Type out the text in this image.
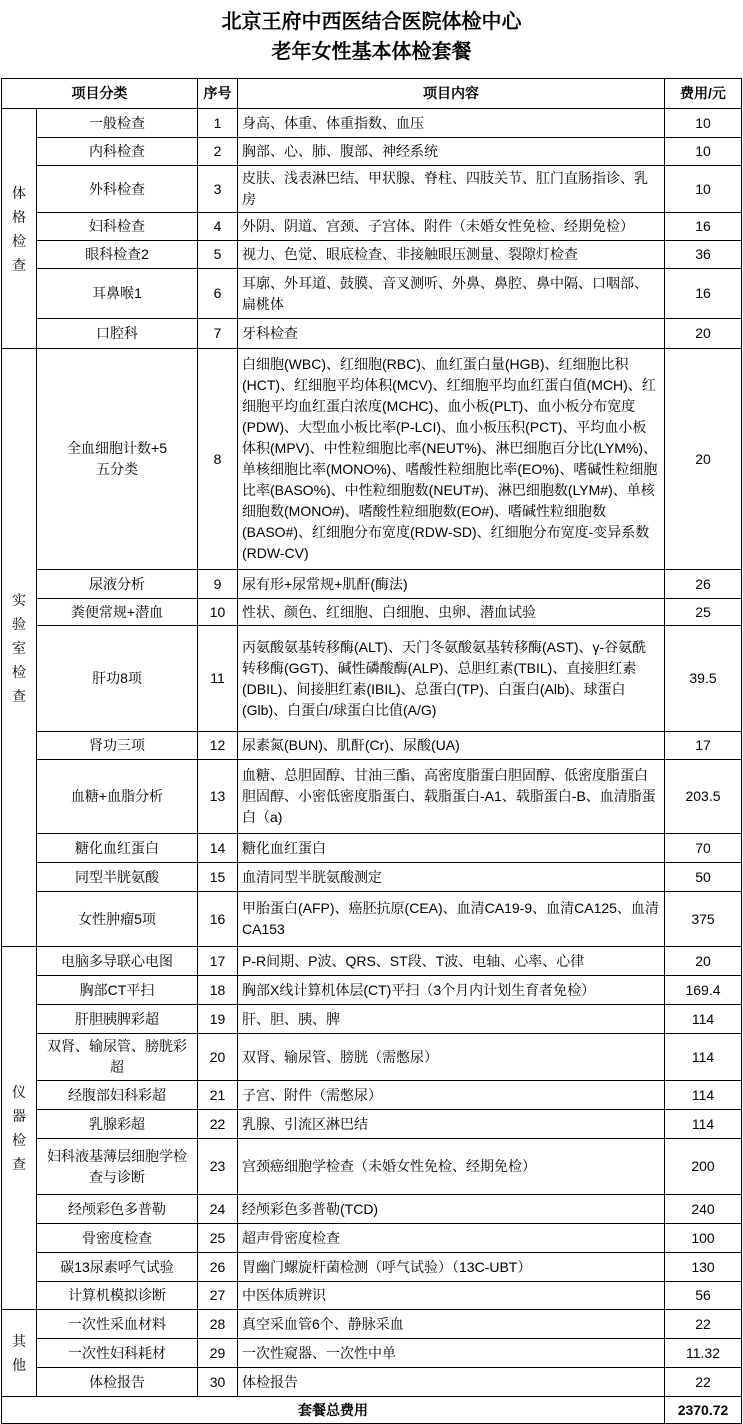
北京王府中西医结合医院体检中心
老年女性基本体检套餐
项目分类		序号	项目内容	费用/元
体格检查	一般检查	1	身高、体重、体重指数、血压	10
	内科检查	2	胸部、心、肺、腹部、神经系统	10
	外科检查	3	皮肤、浅表淋巴结、甲状腺、脊柱、四肢关节、肛门直肠指诊、乳房	10
	妇科检查	4	外阴、阴道、宫颈、子宫体、附件（未婚女性免检、经期免检）	16
	眼科检查2	5	视力、色觉、眼底检查、非接触眼压测量、裂隙灯检查	36
	耳鼻喉1	6	耳廓、外耳道、鼓膜、音叉测听、外鼻、鼻腔、鼻中隔、口咽部、扁桃体	16
	口腔科	7	牙科检查	20
实验室检查	全血细胞计数+5
五分类	8	白细胞(WBC)、红细胞(RBC)、血红蛋白量(HGB)、红细胞比积(HCT)、红细胞平均体积(MCV)、红细胞平均血红蛋白值(MCH)、红细胞平均血红蛋白浓度(MCHC)、血小板(PLT)、血小板分布宽度(PDW)、大型血小板比率(P-LCI)、血小板压积(PCT)、平均血小板体积(MPV)、中性粒细胞比率(NEUT%)、淋巴细胞百分比(LYM%)、单核细胞比率(MONO%)、嗜酸性粒细胞比率(EO%)、嗜碱性粒细胞比率(BASO%)、中性粒细胞数(NEUT#)、淋巴细胞数(LYM#)、单核细胞数(MONO#)、嗜酸性粒细胞数(EO#)、嗜碱性粒细胞数(BASO#)、红细胞分布宽度(RDW-SD)、红细胞分布宽度-变异系数(RDW-CV)	20
	尿液分析	9	尿有形+尿常规+肌酐(酶法)	26
	粪便常规+潜血	10	性状、颜色、红细胞、白细胞、虫卵、潜血试验	25
	肝功8项	11	丙氨酸氨基转移酶(ALT)、天门冬氨酸氨基转移酶(AST)、γ-谷氨酰转移酶(GGT)、碱性磷酸酶(ALP)、总胆红素(TBIL)、直接胆红素(DBIL)、间接胆红素(IBIL)、总蛋白(TP)、白蛋白(Alb)、球蛋白(Glb)、白蛋白/球蛋白比值(A/G)	39.5
	肾功三项	12	尿素氮(BUN)、肌酐(Cr)、尿酸(UA)	17
	血糖+血脂分析	13	血糖、总胆固醇、甘油三酯、高密度脂蛋白胆固醇、低密度脂蛋白胆固醇、小密低密度脂蛋白、载脂蛋白-A1、载脂蛋白-B、血清脂蛋白（a)	203.5
	糖化血红蛋白	14	糖化血红蛋白	70
	同型半胱氨酸	15	血清同型半胱氨酸测定	50
	女性肿瘤5项	16	甲胎蛋白(AFP)、癌胚抗原(CEA)、血清CA19-9、血清CA125、血清CA153	375
仪器检查	电脑多导联心电图	17	P-R间期、P波、QRS、ST段、T波、电轴、心率、心律	20
	胸部CT平扫	18	胸部X线计算机体层(CT)平扫（3个月内计划生育者免检）	169.4
	肝胆胰脾彩超	19	肝、胆、胰、脾	114
	双肾、输尿管、膀胱彩超	20	双肾、输尿管、膀胱（需憋尿）	114
	经腹部妇科彩超	21	子宫、附件（需憋尿）	114
	乳腺彩超	22	乳腺、引流区淋巴结	114
	妇科液基薄层细胞学检查与诊断	23	宫颈癌细胞学检查（未婚女性免检、经期免检）	200
	经颅彩色多普勒	24	经颅彩色多普勒(TCD)	240
	骨密度检查	25	超声骨密度检查	100
	碳13尿素呼气试验	26	胃幽门螺旋杆菌检测（呼气试验）（13C-UBT）	130
	计算机模拟诊断	27	中医体质辨识	56
其他	一次性采血材料	28	真空采血管6个、静脉采血	22
	一次性妇科耗材	29	一次性窥器、一次性中单	11.32
	体检报告	30	体检报告	22
套餐总费用				2370.72
